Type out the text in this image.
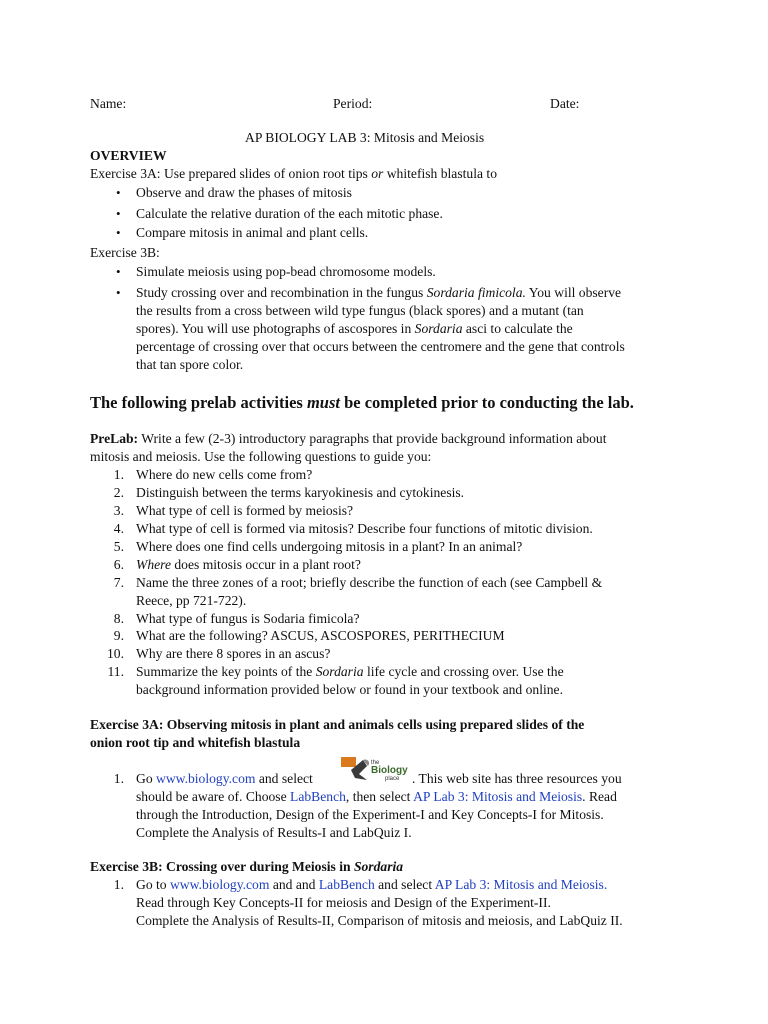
Name:	Period:	Date:
AP BIOLOGY LAB 3: Mitosis and Meiosis
OVERVIEW
Exercise 3A: Use prepared slides of onion root tips or whitefish blastula to
• Observe and draw the phases of mitosis
• Calculate the relative duration of the each mitotic phase.
• Compare mitosis in animal and plant cells.
Exercise 3B:
• Simulate meiosis using pop-bead chromosome models.
• Study crossing over and recombination in the fungus Sordaria fimicola. You will observe
the results from a cross between wild type fungus (black spores) and a mutant (tan
spores). You will use photographs of ascospores in Sordaria asci to calculate the
percentage of crossing over that occurs between the centromere and the gene that controls
that tan spore color.
The following prelab activities must be completed prior to conducting the lab.
PreLab: Write a few (2-3) introductory paragraphs that provide background information about
mitosis and meiosis. Use the following questions to guide you:
1. Where do new cells come from?
2. Distinguish between the terms karyokinesis and cytokinesis.
3. What type of cell is formed by meiosis?
4. What type of cell is formed via mitosis? Describe four functions of mitotic division.
5. Where does one find cells undergoing mitosis in a plant? In an animal?
6. Where does mitosis occur in a plant root?
7. Name the three zones of a root; briefly describe the function of each (see Campbell &
Reece, pp 721-722).
8. What type of fungus is Sodaria fimicola?
9. What are the following? ASCUS, ASCOSPORES, PERITHECIUM
10. Why are there 8 spores in an ascus?
11. Summarize the key points of the Sordaria life cycle and crossing over. Use the
background information provided below or found in your textbook and online.
Exercise 3A: Observing mitosis in plant and animals cells using prepared slides of the
onion root tip and whitefish blastula
1. Go www.biology.com and select
the
Biology
place . This web site has three resources you
should be aware of. Choose LabBench, then select AP Lab 3: Mitosis and Meiosis. Read
through the Introduction, Design of the Experiment-I and Key Concepts-I for Mitosis.
Complete the Analysis of Results-I and LabQuiz I.
Exercise 3B: Crossing over during Meiosis in Sordaria
1. Go to www.biology.com and and LabBench and select AP Lab 3: Mitosis and Meiosis.
Read through Key Concepts-II for meiosis and Design of the Experiment-II.
Complete the Analysis of Results-II, Comparison of mitosis and meiosis, and LabQuiz II.
